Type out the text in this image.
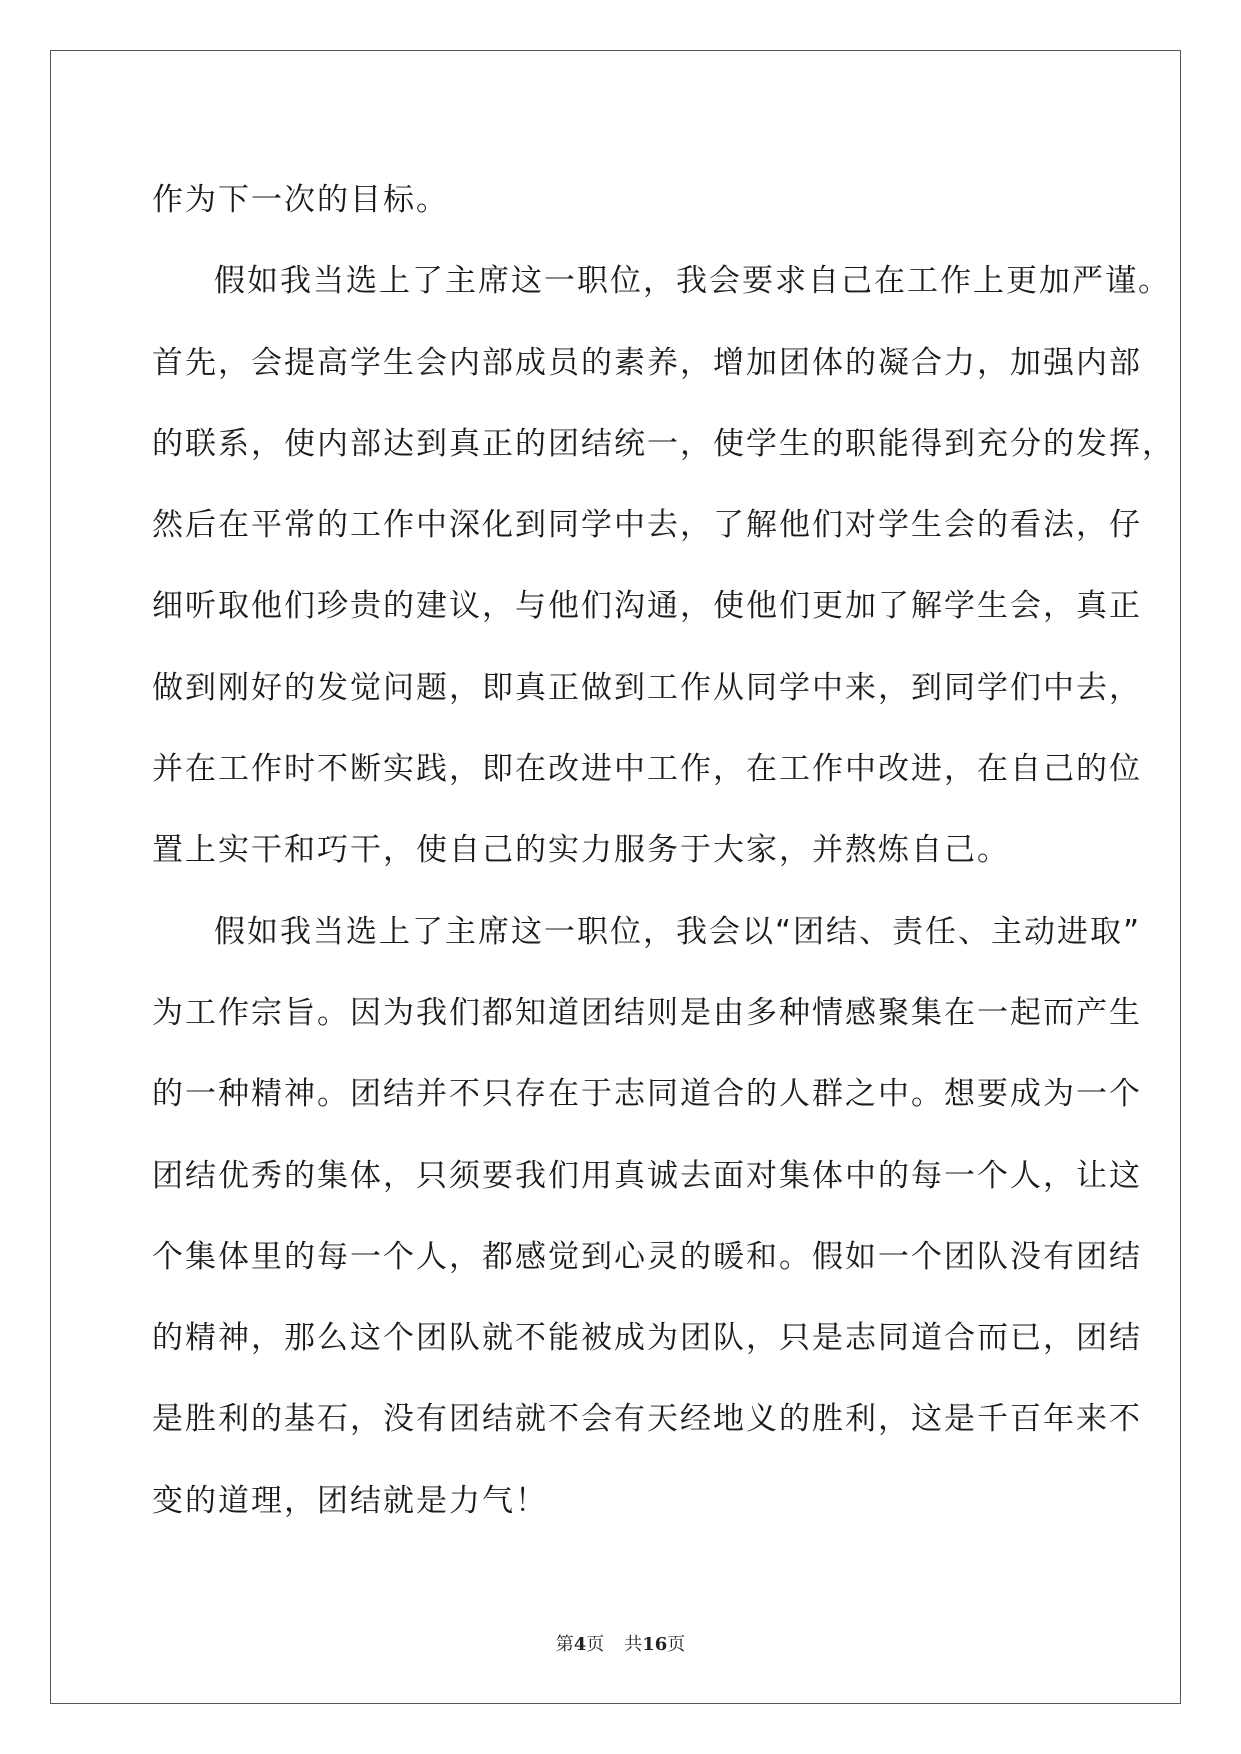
作为下一次的目标。
假如我当选上了主席这一职位，我会要求自己在工作上更加严谨。
首先，会提高学生会内部成员的素养，增加团体的凝合力，加强内部
的联系，使内部达到真正的团结统一，使学生的职能得到充分的发挥，
然后在平常的工作中深化到同学中去，了解他们对学生会的看法，仔
细听取他们珍贵的建议，与他们沟通，使他们更加了解学生会，真正
做到刚好的发觉问题，即真正做到工作从同学中来，到同学们中去，
并在工作时不断实践，即在改进中工作，在工作中改进，在自己的位
置上实干和巧干，使自己的实力服务于大家，并熬炼自己。
假如我当选上了主席这一职位，我会以“团结、责任、主动进取”
为工作宗旨。因为我们都知道团结则是由多种情感聚集在一起而产生
的一种精神。团结并不只存在于志同道合的人群之中。想要成为一个
团结优秀的集体，只须要我们用真诚去面对集体中的每一个人，让这
个集体里的每一个人，都感觉到心灵的暖和。假如一个团队没有团结
的精神，那么这个团队就不能被成为团队，只是志同道合而已，团结
是胜利的基石，没有团结就不会有天经地义的胜利，这是千百年来不
变的道理，团结就是力气！
第4页 共16页
